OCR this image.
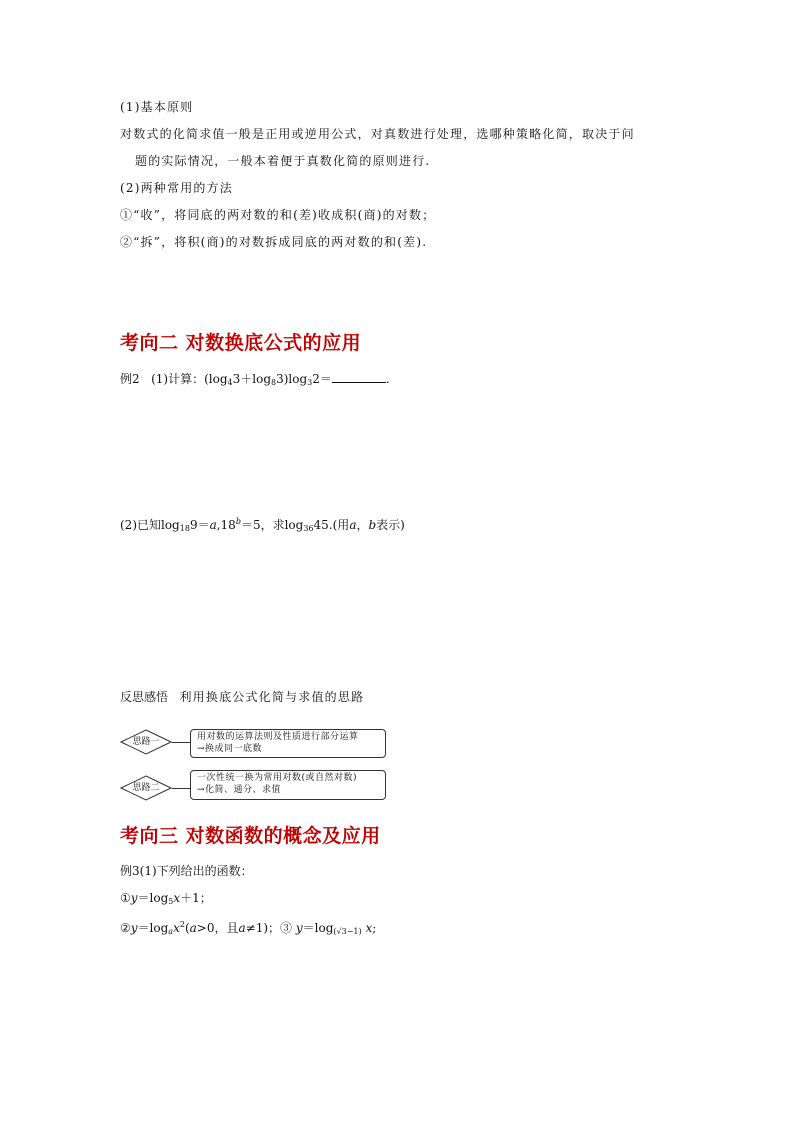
(1)基本原则
对数式的化简求值一般是正用或逆用公式，对真数进行处理，选哪种策略化简，取决于问
题的实际情况，一般本着便于真数化简的原则进行.
(2)两种常用的方法
①“收”，将同底的两对数的和(差)收成积(商)的对数；
②“拆”，将积(商)的对数拆成同底的两对数的和(差).
考向二 对数换底公式的应用
例2 (1)计算：$(\log_43+\log_83)\log_32=$	.
(2)已知$\log_{18}9=a,18^b=5$，求$\log_{36}45$.(用a，b表示)
反思感悟 利用换底公式化简与求值的思路
思路一	用对数的运算法则及性质进行部分运算
→换成同一底数
思路二
一次性统一换为常用对数(或自然对数)
→化简、通分、求值
考向三 对数函数的概念及应用
例3(1)下列给出的函数：
$①y=\log_5x+1$；
$②y=\log_ax^2(a>0$，且a≠1)；③ $y=\log_{(√3-1)}$ x;
